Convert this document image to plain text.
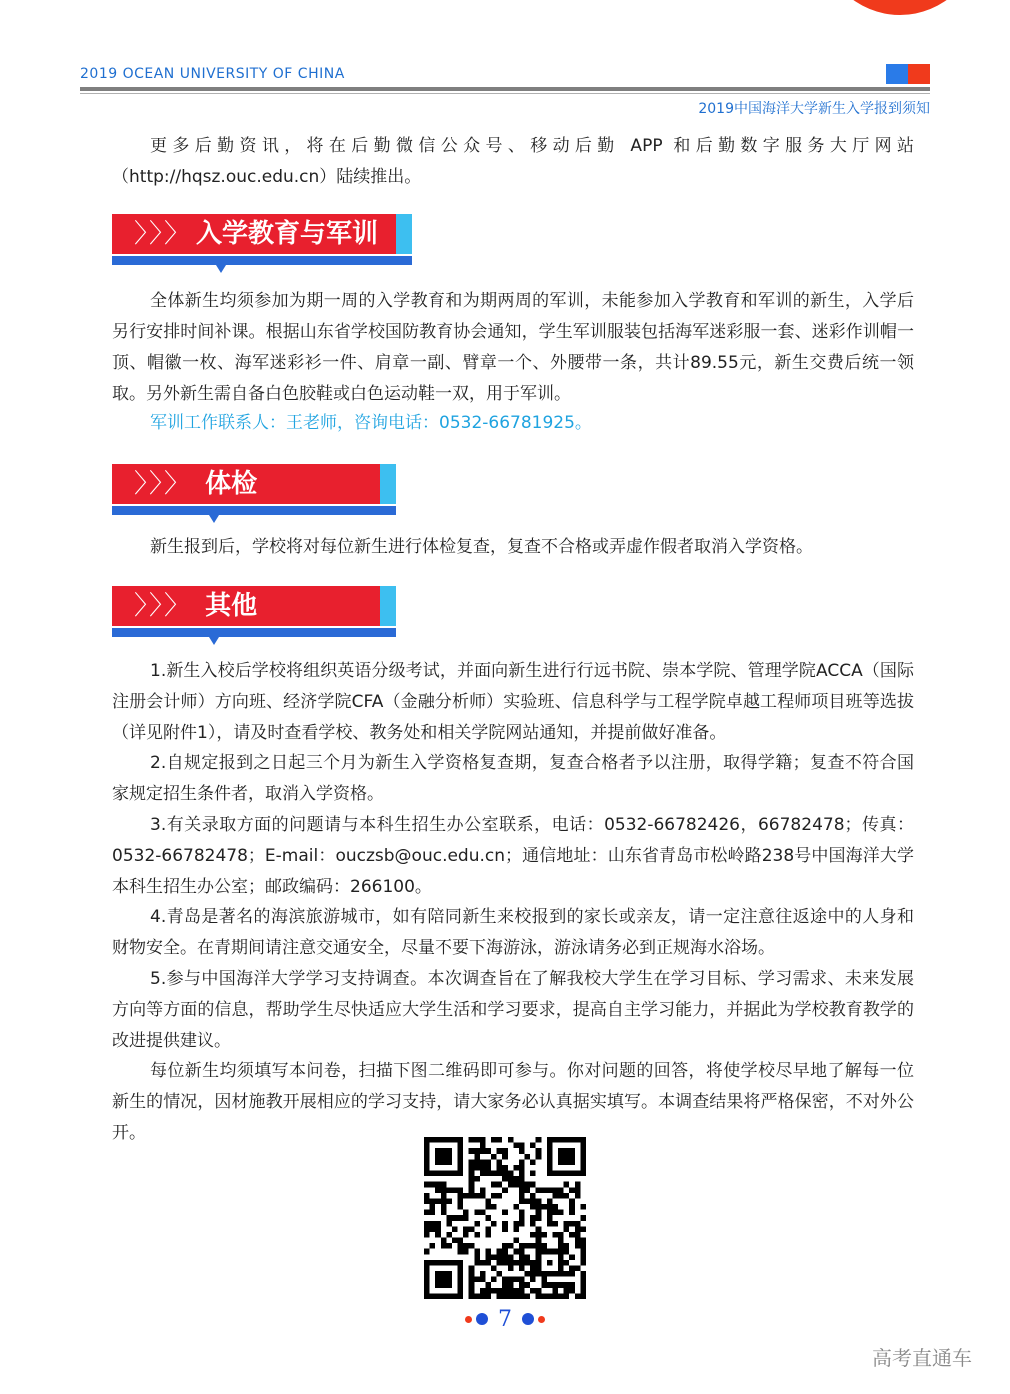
2019 OCEAN UNIVERSITY OF CHINA
2019中国海洋大学新生入学报到须知

更多后勤资讯，将在后勤微信公众号、移动后勤 APP 和后勤数字服务大厅网站（http://hqsz.ouc.edu.cn）陆续推出。

〉〉〉 入学教育与军训

全体新生均须参加为期一周的入学教育和为期两周的军训，未能参加入学教育和军训的新生，入学后另行安排时间补课。根据山东省学校国防教育协会通知，学生军训服装包括海军迷彩服一套、迷彩作训帽一顶、帽徽一枚、海军迷彩衫一件、肩章一副、臂章一个、外腰带一条，共计89.55元，新生交费后统一领取。另外新生需自备白色胶鞋或白色运动鞋一双，用于军训。

军训工作联系人：王老师，咨询电话：0532-66781925。

〉〉〉 体检

新生报到后，学校将对每位新生进行体检复查，复查不合格或弄虚作假者取消入学资格。

〉〉〉 其他

1.新生入校后学校将组织英语分级考试，并面向新生进行行远书院、崇本学院、管理学院ACCA（国际注册会计师）方向班、经济学院CFA（金融分析师）实验班、信息科学与工程学院卓越工程师项目班等选拔（详见附件1），请及时查看学校、教务处和相关学院网站通知，并提前做好准备。

2.自规定报到之日起三个月为新生入学资格复查期，复查合格者予以注册，取得学籍；复查不符合国家规定招生条件者，取消入学资格。

3.有关录取方面的问题请与本科生招生办公室联系，电话：0532-66782426，66782478；传真：0532-66782478；E-mail：ouczsb@ouc.edu.cn；通信地址：山东省青岛市松岭路238号中国海洋大学本科生招生办公室；邮政编码：266100。

4.青岛是著名的海滨旅游城市，如有陪同新生来校报到的家长或亲友，请一定注意往返途中的人身和财物安全。在青期间请注意交通安全，尽量不要下海游泳，游泳请务必到正规海水浴场。

5.参与中国海洋大学学习支持调查。本次调查旨在了解我校大学生在学习目标、学习需求、未来发展方向等方面的信息，帮助学生尽快适应大学生活和学习要求，提高自主学习能力，并据此为学校教育教学的改进提供建议。

每位新生均须填写本问卷，扫描下图二维码即可参与。你对问题的回答，将使学校尽早地了解每一位新生的情况，因材施教开展相应的学习支持，请大家务必认真据实填写。本调查结果将严格保密，不对外公开。

7
高考直通车
